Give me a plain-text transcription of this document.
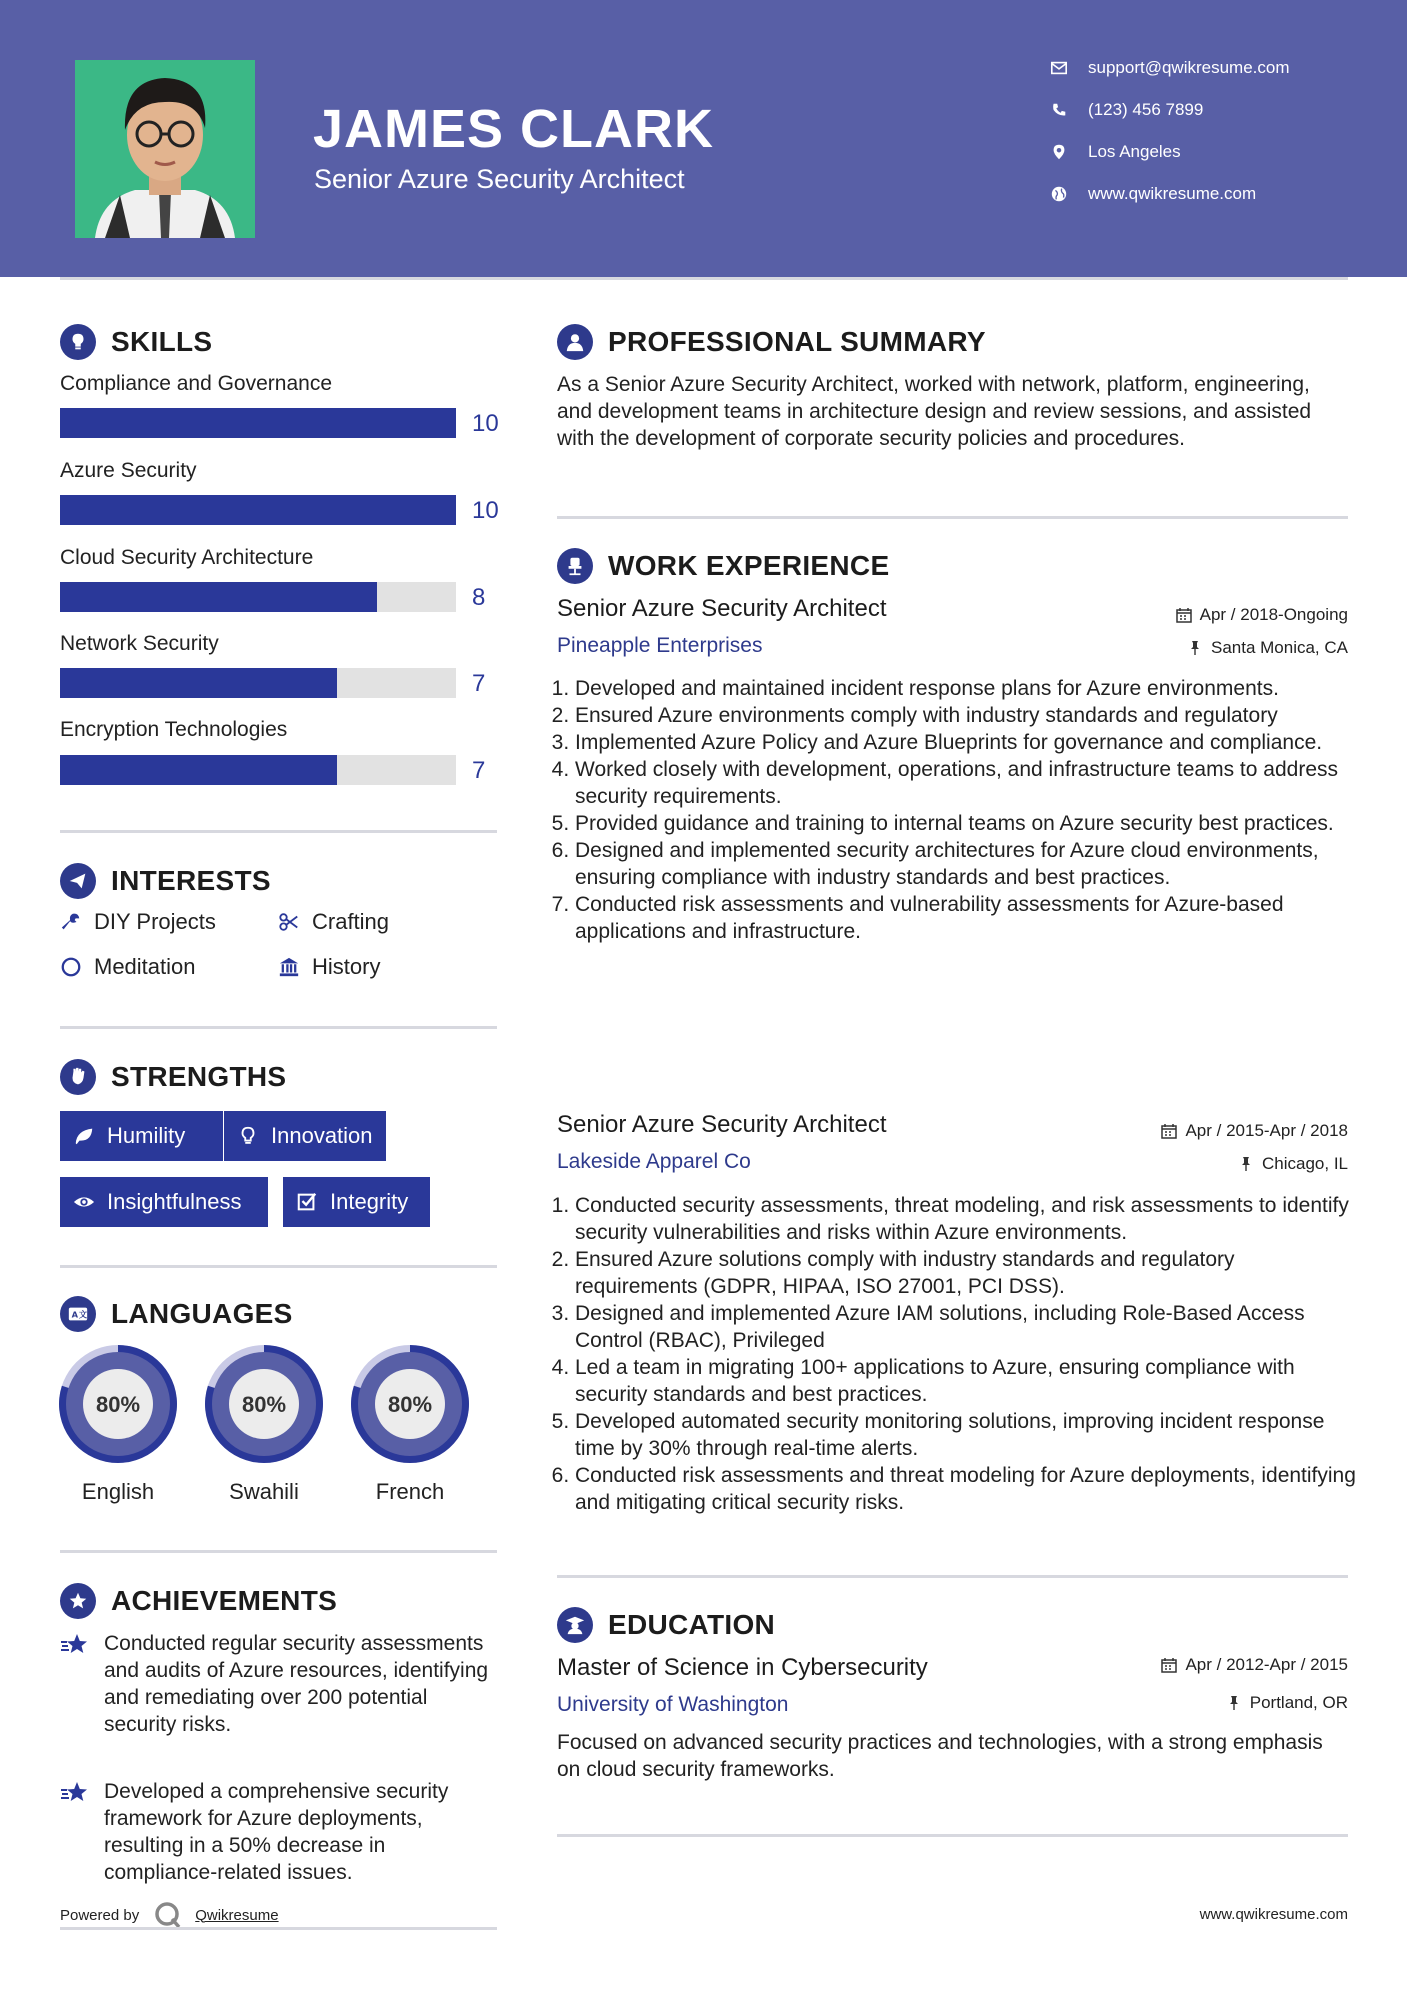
JAMES CLARK
Senior Azure Security Architect
support@qwikresume.com
(123) 456 7899
Los Angeles
www.qwikresume.com
SKILLS
Compliance and Governance
10
Azure Security
10
Cloud Security Architecture
8
Network Security
7
Encryption Technologies
7
INTERESTS
DIY Projects	Crafting
Meditation	History
STRENGTHS
Humility	Innovation
Insightfulness	Integrity
A 文 LANGUAGES
80%
English
80%
Swahili
80%
French
ACHIEVEMENTS
Conducted regular security assessments and audits of Azure resources, identifying and remediating over 200 potential security risks.
Developed a comprehensive security framework for Azure deployments, resulting in a 50% decrease in compliance-related issues.
Powered by	Qwikresume
PROFESSIONAL SUMMARY
As a Senior Azure Security Architect, worked with network, platform, engineering, and development teams in architecture design and review sessions, and assisted with the development of corporate security policies and procedures.
WORK EXPERIENCE
Senior Azure Security Architect	Apr / 2018-Ongoing
Pineapple Enterprises	Santa Monica, CA
1. Developed and maintained incident response plans for Azure environments.
2. Ensured Azure environments comply with industry standards and regulatory
3. Implemented Azure Policy and Azure Blueprints for governance and compliance.
4. Worked closely with development, operations, and infrastructure teams to address security requirements.
5. Provided guidance and training to internal teams on Azure security best practices.
6. Designed and implemented security architectures for Azure cloud environments, ensuring compliance with industry standards and best practices.
7. Conducted risk assessments and vulnerability assessments for Azure-based applications and infrastructure.
Senior Azure Security Architect	Apr / 2015-Apr / 2018
Lakeside Apparel Co	Chicago, IL
1. Conducted security assessments, threat modeling, and risk assessments to identify security vulnerabilities and risks within Azure environments.
2. Ensured Azure solutions comply with industry standards and regulatory requirements (GDPR, HIPAA, ISO 27001, PCI DSS).
3. Designed and implemented Azure IAM solutions, including Role-Based Access Control (RBAC), Privileged
4. Led a team in migrating 100+ applications to Azure, ensuring compliance with security standards and best practices.
5. Developed automated security monitoring solutions, improving incident response time by 30% through real-time alerts.
6. Conducted risk assessments and threat modeling for Azure deployments, identifying and mitigating critical security risks.
EDUCATION
Master of Science in Cybersecurity	Apr / 2012-Apr / 2015
University of Washington	Portland, OR
Focused on advanced security practices and technologies, with a strong emphasis on cloud security frameworks.
www.qwikresume.com
